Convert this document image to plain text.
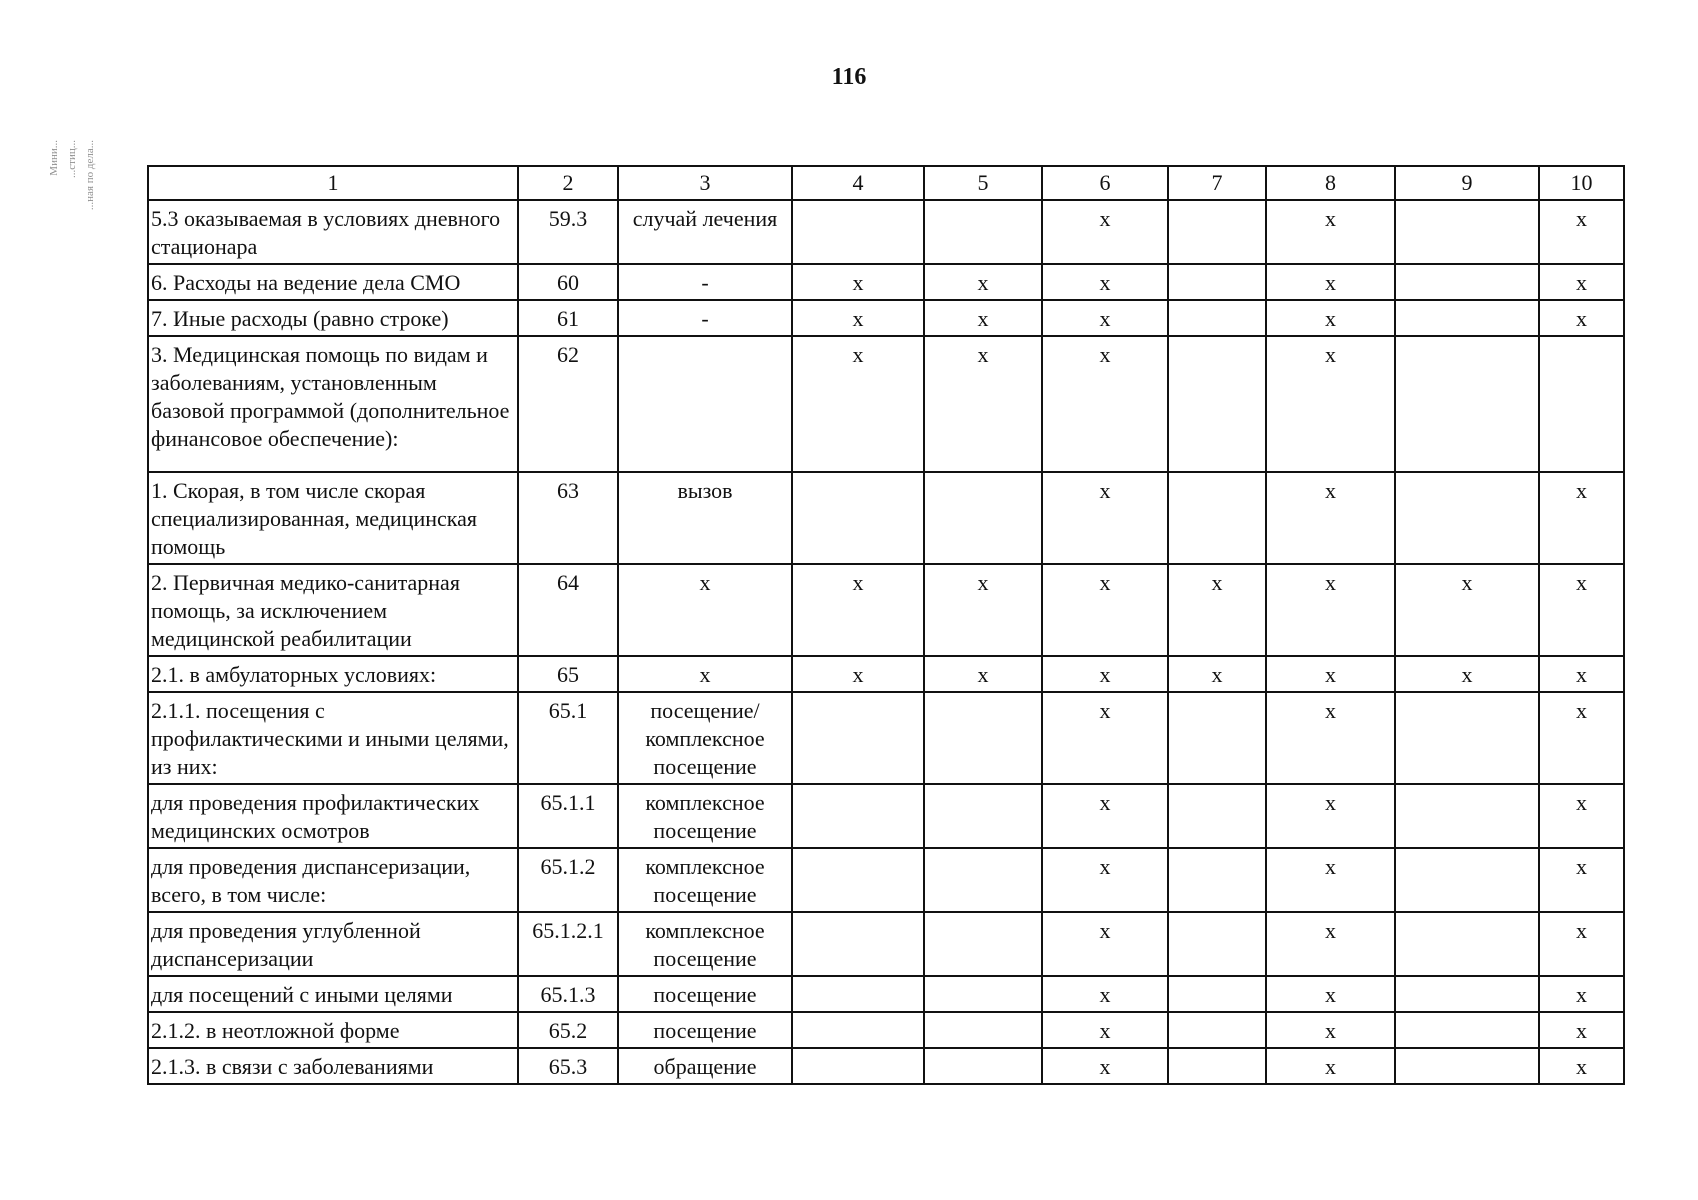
116
Мини... ...стиц... ...ная по дела...	1	2	3	4	5	6	7	8	9	10
5.3 оказываемая в условиях дневного стационара	59.3	случай лечения			х		х		х
6. Расходы на ведение дела СМО	60	-	х	х	х		х		х
7. Иные расходы (равно строке)	61	-	х	х	х		х		х
3. Медицинская помощь по видам и заболеваниям, установленным базовой программой (дополнительное финансовое обеспечение):	62		х	х	х		х		
1. Скорая, в том числе скорая специализированная, медицинская помощь	63	вызов			х		х		х
2. Первичная медико-санитарная помощь, за исключением медицинской реабилитации	64	х	х	х	х	х	х	х	х
2.1. в амбулаторных условиях:	65	х	х	х	х	х	х	х	х
2.1.1. посещения с профилактическими и иными целями, из них:	65.1	посещение/ комплексное посещение			х		х		х
для проведения профилактических медицинских осмотров	65.1.1	комплексное посещение			х		х		х
для проведения диспансеризации, всего, в том числе:	65.1.2	комплексное посещение			х		х		х
для проведения углубленной диспансеризации	65.1.2.1	комплексное посещение			х		х		х
для посещений с иными целями	65.1.3	посещение			х		х		х
2.1.2. в неотложной форме	65.2	посещение			х		х		х
2.1.3. в связи с заболеваниями	65.3	обращение			х		х		х
